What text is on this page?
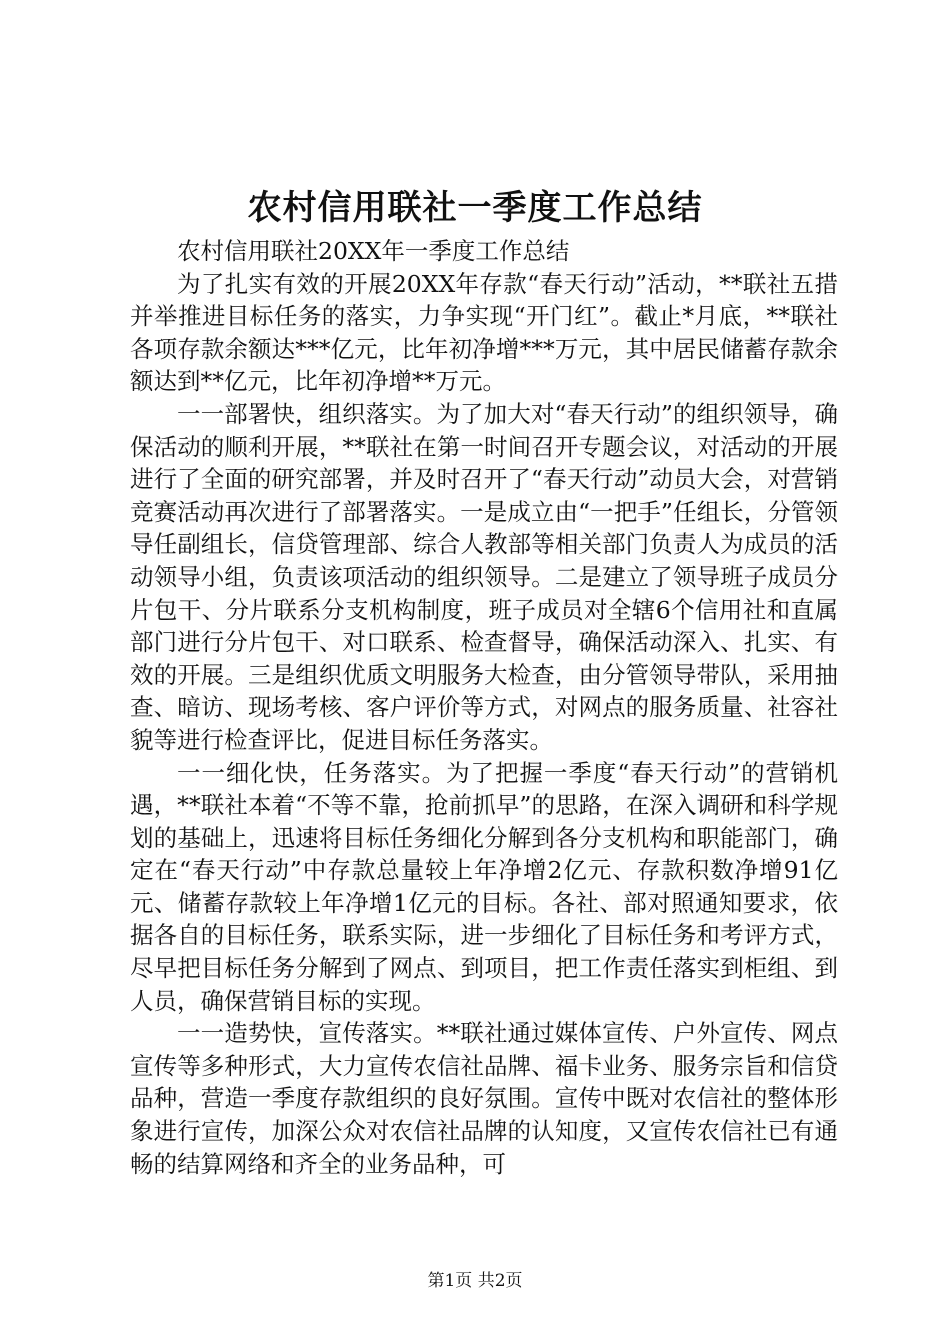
农村信用联社一季度工作总结

农村信用联社20XX年一季度工作总结

为了扎实有效的开展20XX年存款“春天行动”活动，**联社五措并举推进目标任务的落实，力争实现“开门红”。截止*月底，**联社各项存款余额达***亿元，比年初净增***万元，其中居民储蓄存款余额达到**亿元，比年初净增**万元。

一一部署快，组织落实。为了加大对“春天行动”的组织领导，确保活动的顺利开展，**联社在第一时间召开专题会议，对活动的开展进行了全面的研究部署，并及时召开了“春天行动”动员大会，对营销竞赛活动再次进行了部署落实。一是成立由“一把手”任组长，分管领导任副组长，信贷管理部、综合人教部等相关部门负责人为成员的活动领导小组，负责该项活动的组织领导。二是建立了领导班子成员分片包干、分片联系分支机构制度，班子成员对全辖6个信用社和直属部门进行分片包干、对口联系、检查督导，确保活动深入、扎实、有效的开展。三是组织优质文明服务大检查，由分管领导带队，采用抽查、暗访、现场考核、客户评价等方式，对网点的服务质量、社容社貌等进行检查评比，促进目标任务落实。

一一细化快，任务落实。为了把握一季度“春天行动”的营销机遇，**联社本着“不等不靠，抢前抓早”的思路，在深入调研和科学规划的基础上，迅速将目标任务细化分解到各分支机构和职能部门，确定在“春天行动”中存款总量较上年净增2亿元、存款积数净增91亿元、储蓄存款较上年净增1亿元的目标。各社、部对照通知要求，依据各自的目标任务，联系实际，进一步细化了目标任务和考评方式，尽早把目标任务分解到了网点、到项目，把工作责任落实到柜组、到人员，确保营销目标的实现。

一一造势快，宣传落实。**联社通过媒体宣传、户外宣传、网点宣传等多种形式，大力宣传农信社品牌、福卡业务、服务宗旨和信贷品种，营造一季度存款组织的良好氛围。宣传中既对农信社的整体形象进行宣传，加深公众对农信社品牌的认知度，又宣传农信社已有通畅的结算网络和齐全的业务品种，可

第1页 共2页
